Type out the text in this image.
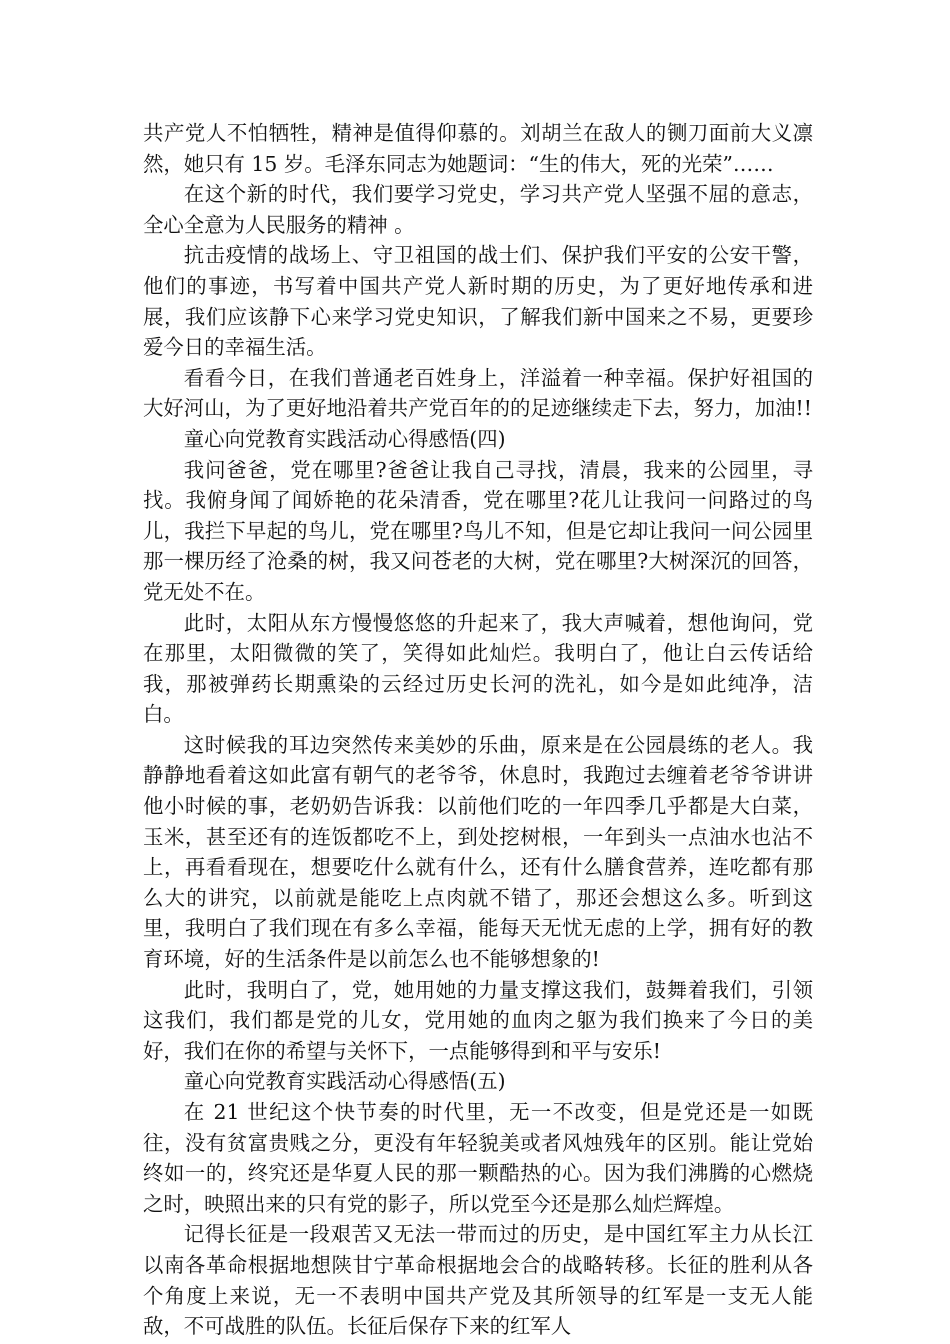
共产党人不怕牺牲，精神是值得仰慕的。刘胡兰在敌人的铡刀面前大义凛然，她只有 15 岁。毛泽东同志为她题词：“生的伟大，死的光荣”……

在这个新的时代，我们要学习党史，学习共产党人坚强不屈的意志，全心全意为人民服务的精神 。

抗击疫情的战场上、守卫祖国的战士们、保护我们平安的公安干警，他们的事迹，书写着中国共产党人新时期的历史，为了更好地传承和进展，我们应该静下心来学习党史知识，了解我们新中国来之不易，更要珍爱今日的幸福生活。

看看今日，在我们普通老百姓身上，洋溢着一种幸福。保护好祖国的大好河山，为了更好地沿着共产党百年的的足迹继续走下去，努力，加油!!

童心向党教育实践活动心得感悟(四)

我问爸爸，党在哪里?爸爸让我自己寻找，清晨，我来的公园里，寻找。我俯身闻了闻娇艳的花朵清香，党在哪里?花儿让我问一问路过的鸟儿，我拦下早起的鸟儿，党在哪里?鸟儿不知，但是它却让我问一问公园里那一棵历经了沧桑的树，我又问苍老的大树，党在哪里?大树深沉的回答，党无处不在。

此时，太阳从东方慢慢悠悠的升起来了，我大声喊着，想他询问，党在那里，太阳微微的笑了，笑得如此灿烂。我明白了，他让白云传话给我，那被弹药长期熏染的云经过历史长河的洗礼，如今是如此纯净，洁白。

这时候我的耳边突然传来美妙的乐曲，原来是在公园晨练的老人。我静静地看着这如此富有朝气的老爷爷，休息时，我跑过去缠着老爷爷讲讲他小时候的事，老奶奶告诉我：以前他们吃的一年四季几乎都是大白菜，玉米，甚至还有的连饭都吃不上，到处挖树根，一年到头一点油水也沾不上，再看看现在，想要吃什么就有什么，还有什么膳食营养，连吃都有那么大的讲究，以前就是能吃上点肉就不错了，那还会想这么多。听到这里，我明白了我们现在有多么幸福，能每天无忧无虑的上学，拥有好的教育环境，好的生活条件是以前怎么也不能够想象的!

此时，我明白了，党，她用她的力量支撑这我们，鼓舞着我们，引领这我们，我们都是党的儿女，党用她的血肉之躯为我们换来了今日的美好，我们在你的希望与关怀下，一点能够得到和平与安乐!

童心向党教育实践活动心得感悟(五)

在 21 世纪这个快节奏的时代里，无一不改变，但是党还是一如既往，没有贫富贵贱之分，更没有年轻貌美或者风烛残年的区别。能让党始终如一的，终究还是华夏人民的那一颗酷热的心。因为我们沸腾的心燃烧之时，映照出来的只有党的影子，所以党至今还是那么灿烂辉煌。

记得长征是一段艰苦又无法一带而过的历史，是中国红军主力从长江以南各革命根据地想陕甘宁革命根据地会合的战略转移。长征的胜利从各个角度上来说，无一不表明中国共产党及其所领导的红军是一支无人能敌，不可战胜的队伍。长征后保存下来的红军人
